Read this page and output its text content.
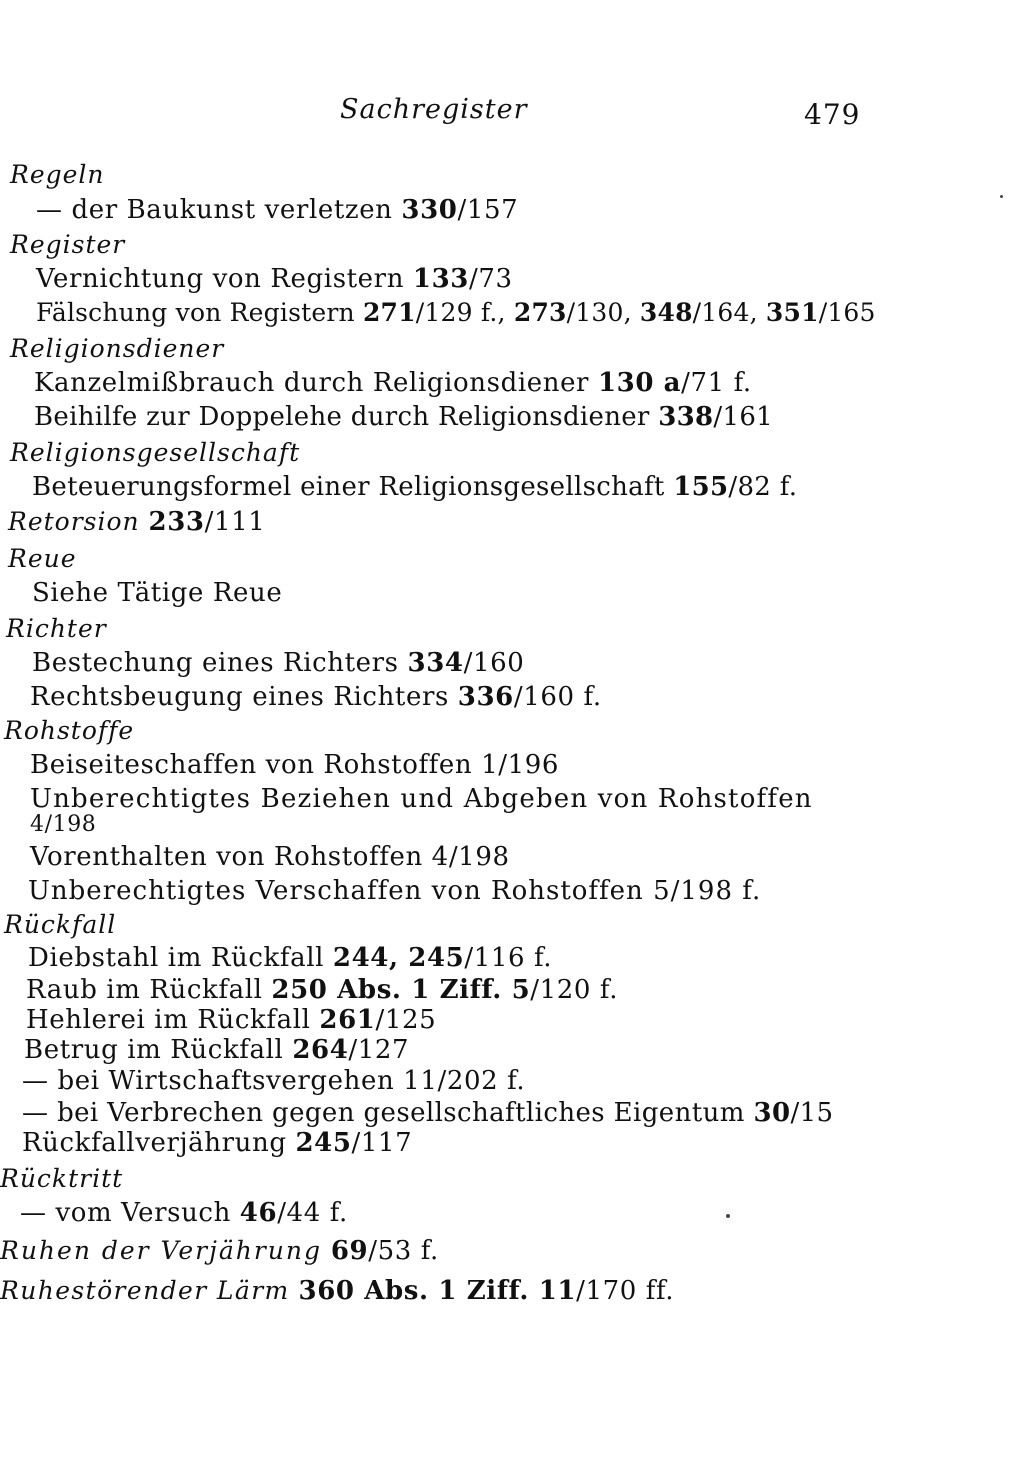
Sachregister	479
Regeln
— der Baukunst verletzen 330/157
Register
Vernichtung von Registern 133/73
Fälschung von Registern 271/129 f., 273/130, 348/164, 351/165
Religionsdiener
Kanzelmißbrauch durch Religionsdiener 130 a/71 f.
Beihilfe zur Doppelehe durch Religionsdiener 338/161
Religionsgesellschaft
Beteuerungsformel einer Religionsgesellschaft 155/82 f.
Retorsion 233/111
Reue
Siehe Tätige Reue
Richter
Bestechung eines Richters 334/160
Rechtsbeugung eines Richters 336/160 f.
Rohstoffe
Beiseiteschaffen von Rohstoffen 1/196
Unberechtigtes Beziehen und Abgeben von Rohstoffen
4/198
Vorenthalten von Rohstoffen 4/198
Unberechtigtes Verschaffen von Rohstoffen 5/198 f.
Rückfall
Diebstahl im Rückfall 244, 245/116 f.
Raub im Rückfall 250 Abs. 1 Ziff. 5/120 f.
Hehlerei im Rückfall 261/125
Betrug im Rückfall 264/127
— bei Wirtschaftsvergehen 11/202 f.
— bei Verbrechen gegen gesellschaftliches Eigentum 30/15
Rückfallverjährung 245/117
Rücktritt
— vom Versuch 46/44 f.
Ruhen der Verjährung 69/53 f.
Ruhestörender Lärm 360 Abs. 1 Ziff. 11/170 ff.
